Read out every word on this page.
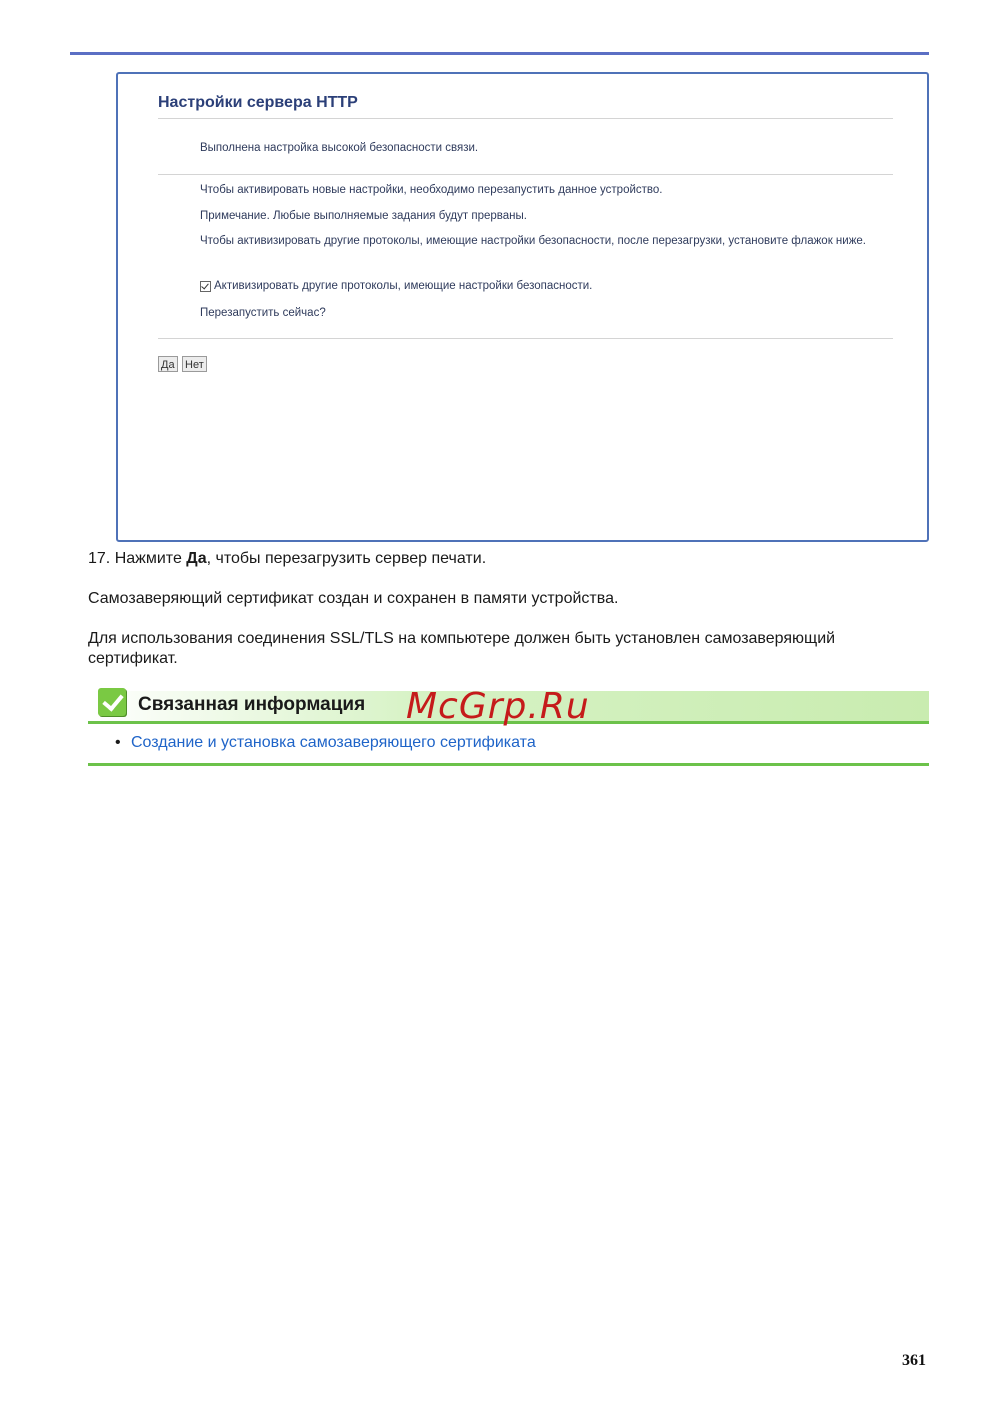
Настройки сервера HTTP
Выполнена настройка высокой безопасности связи.
Чтобы активировать новые настройки, необходимо перезапустить данное устройство.
Примечание. Любые выполняемые задания будут прерваны.
Чтобы активизировать другие протоколы, имеющие настройки безопасности, после перезагрузки, установите флажок ниже.
Активизировать другие протоколы, имеющие настройки безопасности.
Перезапустить сейчас?
Да Нет
17. Нажмите Да, чтобы перезагрузить сервер печати.
Самозаверяющий сертификат создан и сохранен в памяти устройства.
Для использования соединения SSL/TLS на компьютере должен быть установлен самозаверяющий сертификат.
Связанная информация McGrp.Ru
• Создание и установка самозаверяющего сертификата
361
